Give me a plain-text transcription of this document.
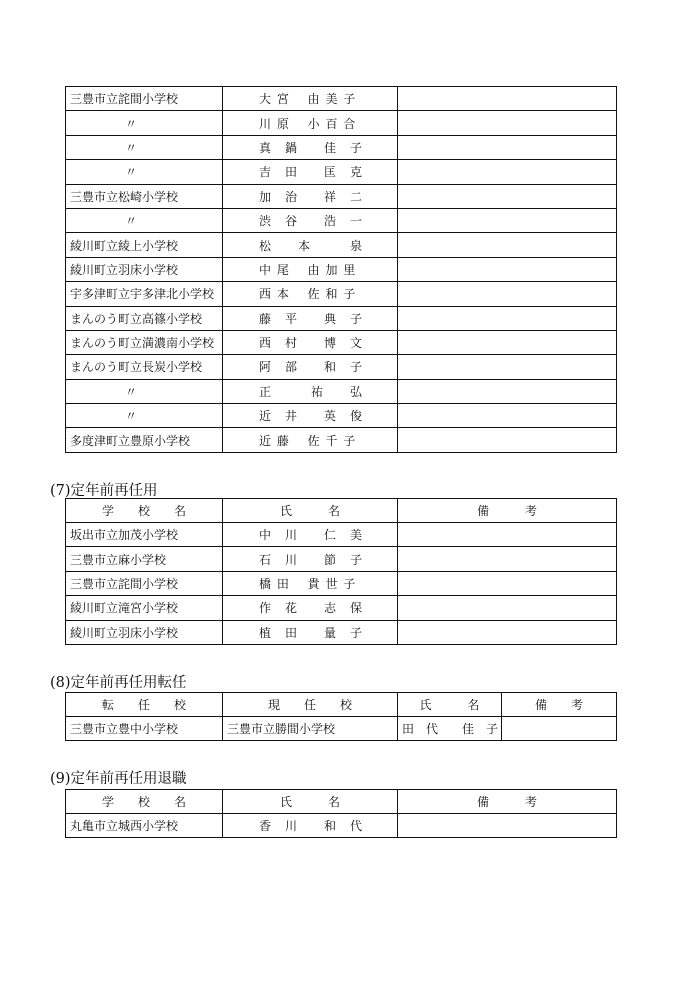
三豊市立詫間小学校	大 宮 　由 美 子	
〃	川 原 　小 百 合	
〃	真　鍋　　佳　子	
〃	吉　田　　匡　克	
三豊市立松崎小学校	加　治　　祥　二	
〃	渋　谷　　浩　一	
綾川町立綾上小学校	松　　本　　　泉	
綾川町立羽床小学校	中 尾 　由 加 里	
宇多津町立宇多津北小学校	西 本 　佐 和 子	
まんのう町立高篠小学校	藤　平　　典　子	
まんのう町立満濃南小学校	西　村　　博　文	
まんのう町立長炭小学校	阿　部　　和　子	
〃	正　　　祐　　弘	
〃	近　井　　英　俊	
多度津町立豊原小学校	近 藤 　佐 千 子	
(7)定年前再任用
学　　校　　名	氏　　　名	備　　　考
坂出市立加茂小学校	中　川　　仁　美	
三豊市立麻小学校	石　川　　節　子	
三豊市立詫間小学校	橋 田 　貴 世 子	
綾川町立滝宮小学校	作　花　　志　保	
綾川町立羽床小学校	植　田　　量　子	
(8)定年前再任用転任
転　　任　　校	現　　任　　校	氏　　　名	備　　考
三豊市立豊中小学校	三豊市立勝間小学校	田　代　　佳　子	
(9)定年前再任用退職
学　　校　　名	氏　　　名	備　　　考
丸亀市立城西小学校	香　川　　和　代	
